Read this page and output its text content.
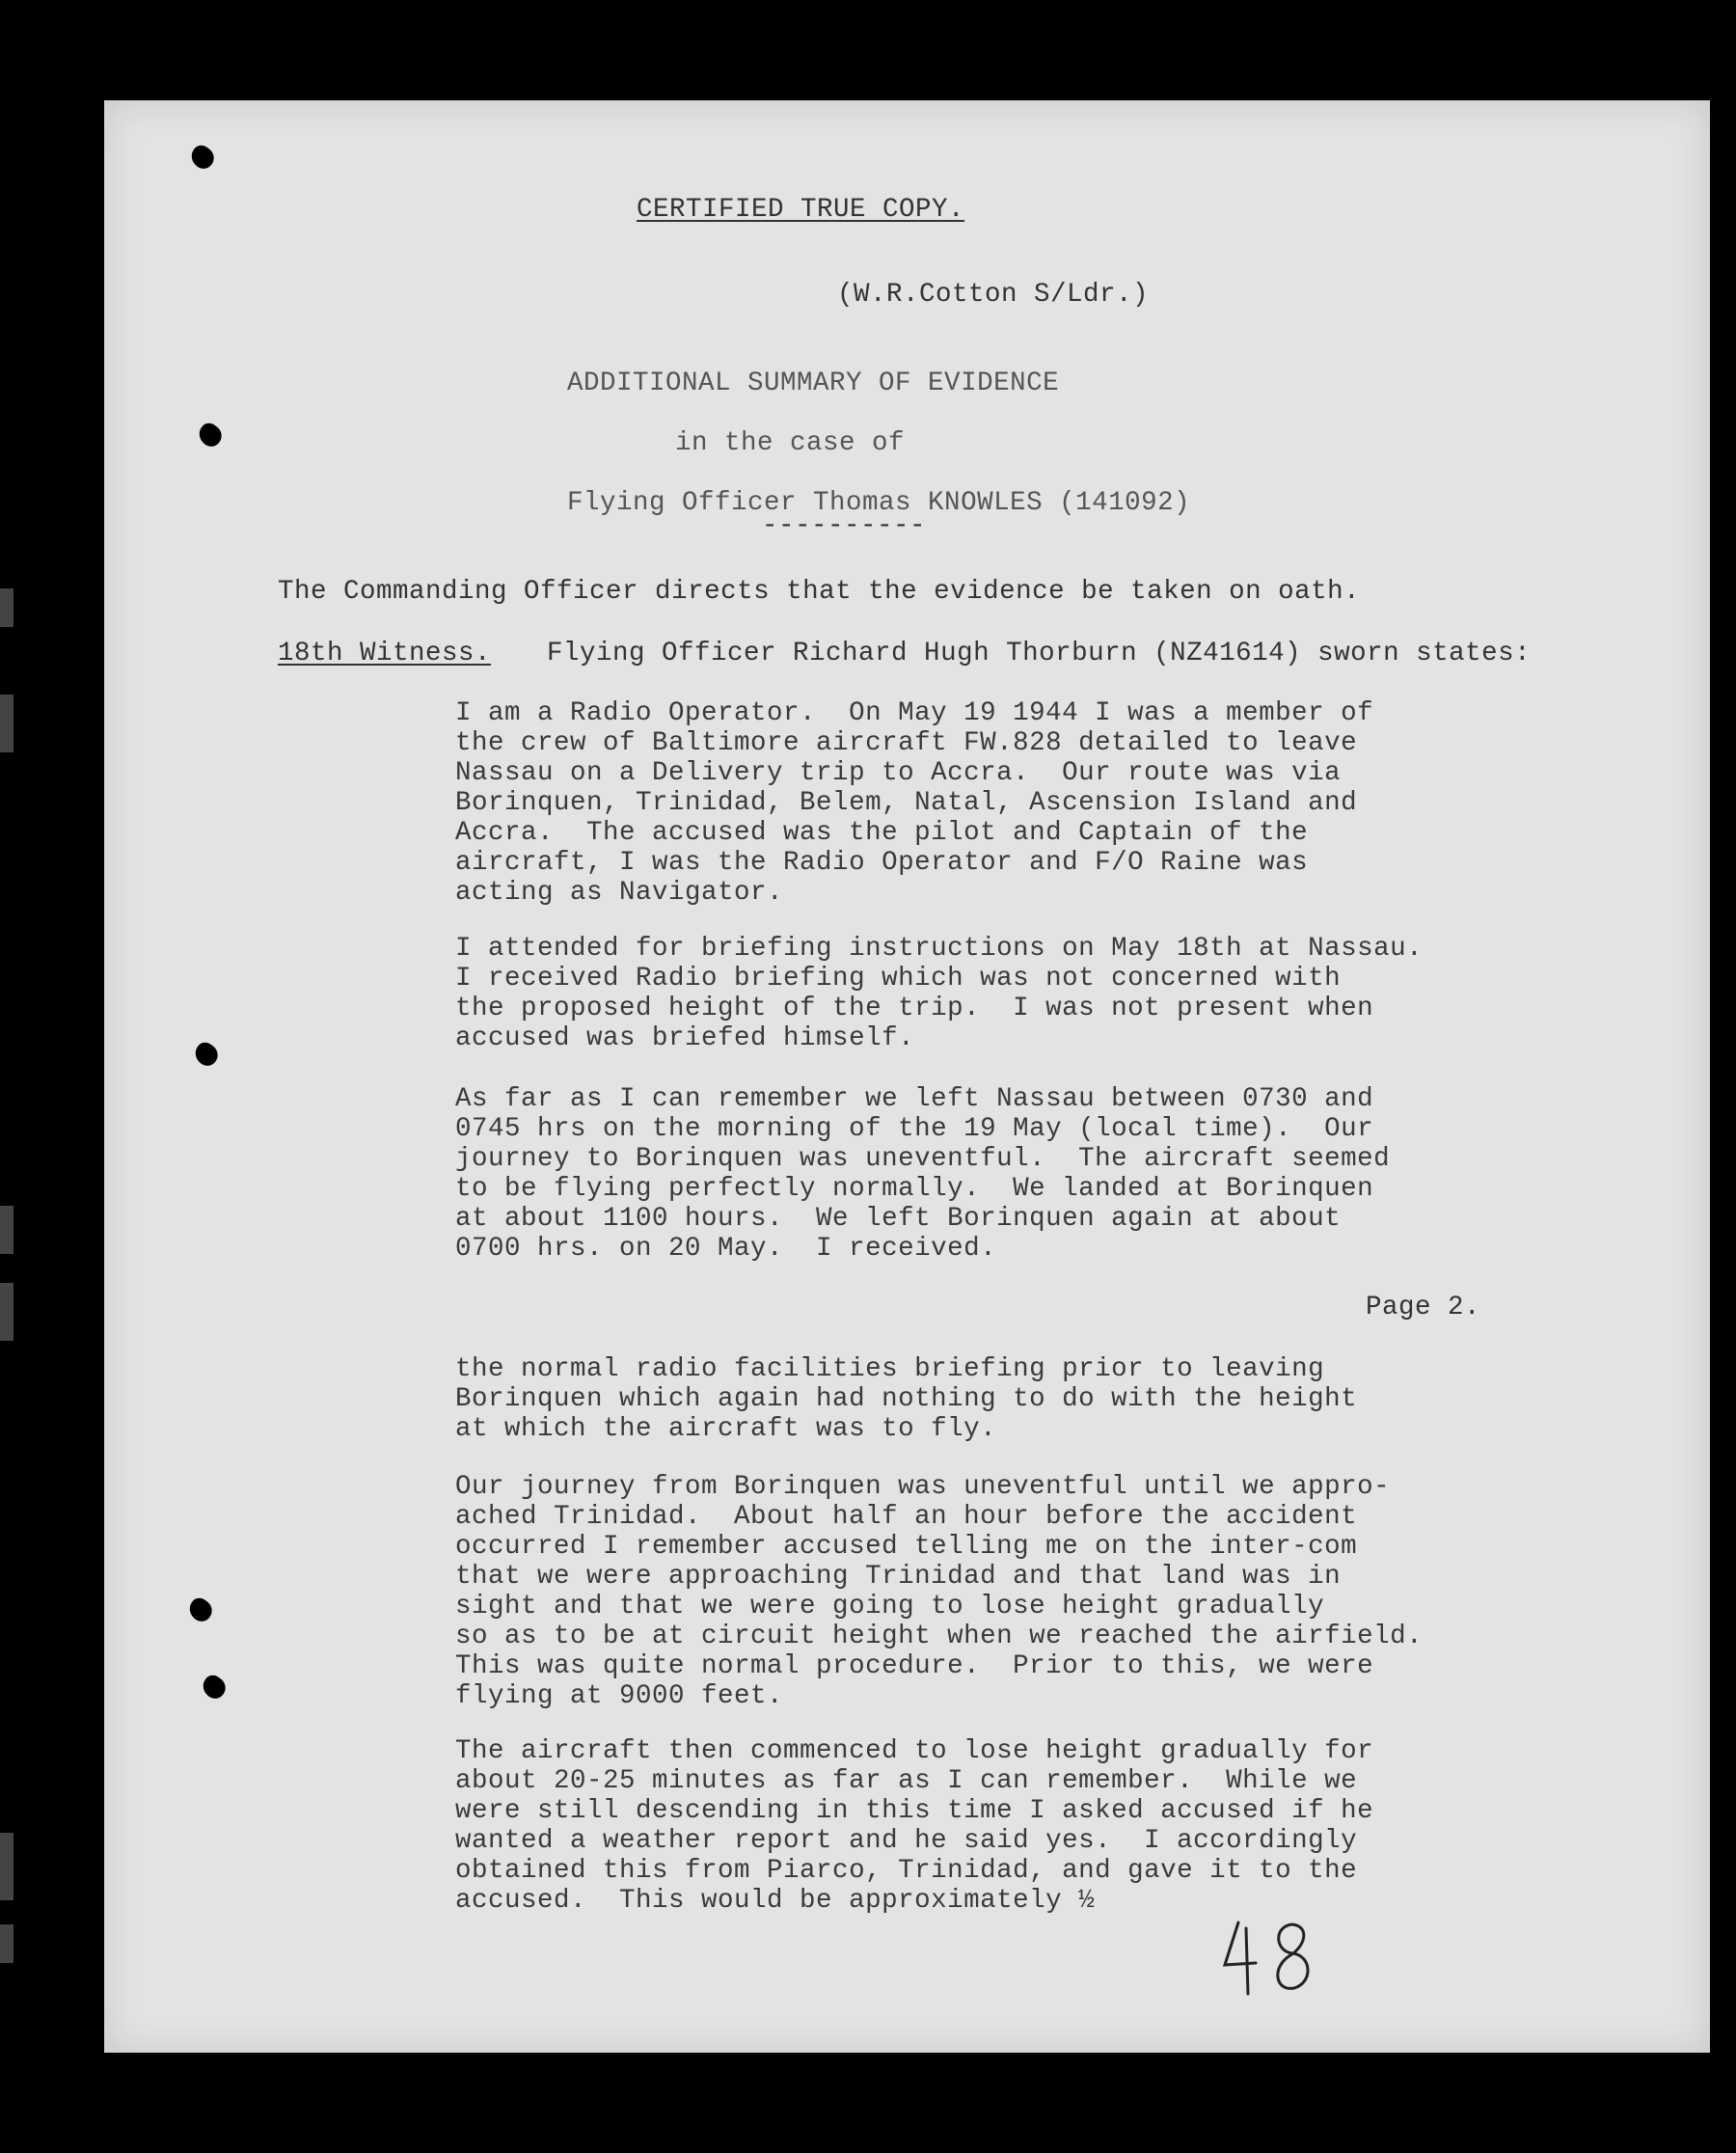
CERTIFIED TRUE COPY.
(W.R.Cotton S/Ldr.)
ADDITIONAL SUMMARY OF EVIDENCE
in the case of
Flying Officer Thomas KNOWLES (141092)
----------
The Commanding Officer directs that the evidence be taken on oath.
18th Witness. Flying Officer Richard Hugh Thorburn (NZ41614) sworn states:
I am a Radio Operator.  On May 19 1944 I was a member of
the crew of Baltimore aircraft FW.828 detailed to leave
Nassau on a Delivery trip to Accra.  Our route was via
Borinquen, Trinidad, Belem, Natal, Ascension Island and
Accra.  The accused was the pilot and Captain of the
aircraft, I was the Radio Operator and F/O Raine was
acting as Navigator.
I attended for briefing instructions on May 18th at Nassau.
I received Radio briefing which was not concerned with
the proposed height of the trip.  I was not present when
accused was briefed himself.
As far as I can remember we left Nassau between 0730 and
0745 hrs on the morning of the 19 May (local time).  Our
journey to Borinquen was uneventful.  The aircraft seemed
to be flying perfectly normally.  We landed at Borinquen
at about 1100 hours.  We left Borinquen again at about
0700 hrs. on 20 May.  I received.
Page 2.
the normal radio facilities briefing prior to leaving
Borinquen which again had nothing to do with the height
at which the aircraft was to fly.
Our journey from Borinquen was uneventful until we appro-
ached Trinidad.  About half an hour before the accident
occurred I remember accused telling me on the inter-com
that we were approaching Trinidad and that land was in
sight and that we were going to lose height gradually
so as to be at circuit height when we reached the airfield.
This was quite normal procedure.  Prior to this, we were
flying at 9000 feet.
The aircraft then commenced to lose height gradually for
about 20-25 minutes as far as I can remember.  While we
were still descending in this time I asked accused if he
wanted a weather report and he said yes.  I accordingly
obtained this from Piarco, Trinidad, and gave it to the
accused.  This would be approximately ½
